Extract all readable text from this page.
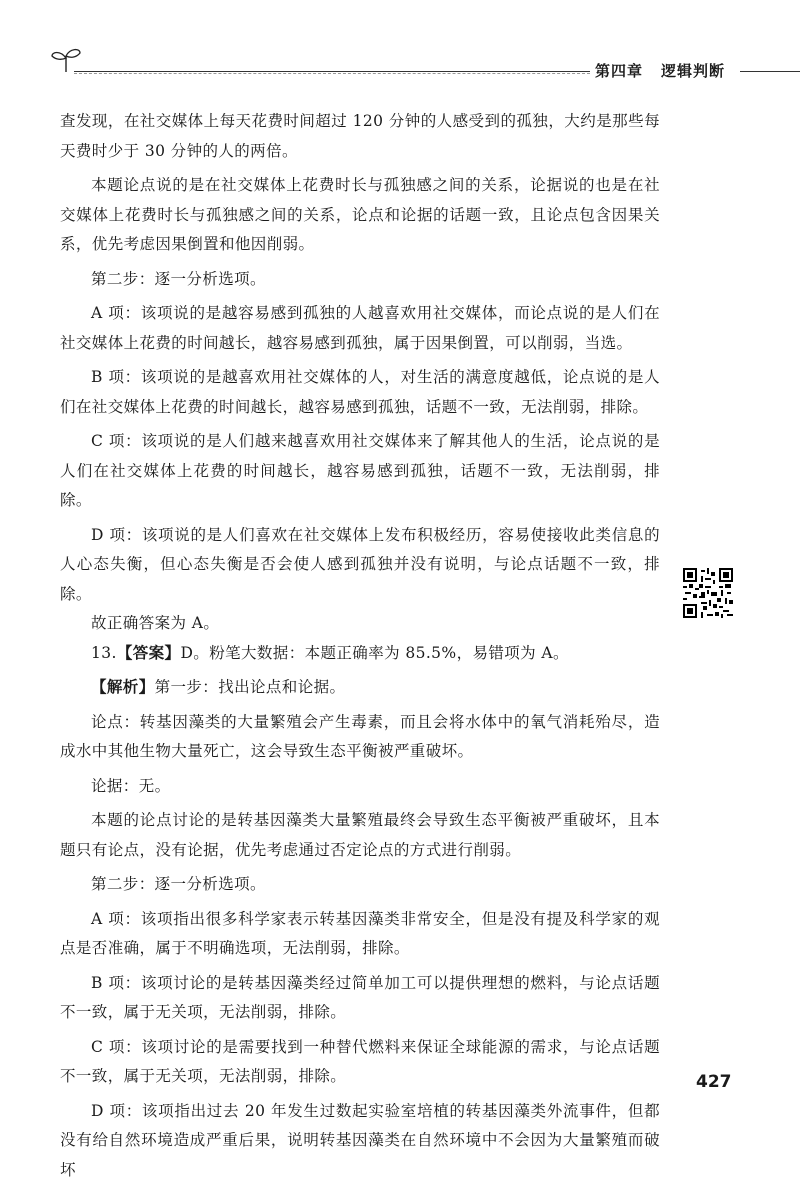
第四章 逻辑判断

查发现，在社交媒体上每天花费时间超过 120 分钟的人感受到的孤独，大约是那些每天费时少于 30 分钟的人的两倍。

本题论点说的是在社交媒体上花费时长与孤独感之间的关系，论据说的也是在社交媒体上花费时长与孤独感之间的关系，论点和论据的话题一致，且论点包含因果关系，优先考虑因果倒置和他因削弱。

第二步：逐一分析选项。

A 项：该项说的是越容易感到孤独的人越喜欢用社交媒体，而论点说的是人们在社交媒体上花费的时间越长，越容易感到孤独，属于因果倒置，可以削弱，当选。

B 项：该项说的是越喜欢用社交媒体的人，对生活的满意度越低，论点说的是人们在社交媒体上花费的时间越长，越容易感到孤独，话题不一致，无法削弱，排除。

C 项：该项说的是人们越来越喜欢用社交媒体来了解其他人的生活，论点说的是人们在社交媒体上花费的时间越长，越容易感到孤独，话题不一致，无法削弱，排除。

D 项：该项说的是人们喜欢在社交媒体上发布积极经历，容易使接收此类信息的人心态失衡，但心态失衡是否会使人感到孤独并没有说明，与论点话题不一致，排除。

故正确答案为 A。

13.【答案】D。粉笔大数据：本题正确率为 85.5%，易错项为 A。

【解析】第一步：找出论点和论据。

论点：转基因藻类的大量繁殖会产生毒素，而且会将水体中的氧气消耗殆尽，造成水中其他生物大量死亡，这会导致生态平衡被严重破坏。

论据：无。

本题的论点讨论的是转基因藻类大量繁殖最终会导致生态平衡被严重破坏，且本题只有论点，没有论据，优先考虑通过否定论点的方式进行削弱。

第二步：逐一分析选项。

A 项：该项指出很多科学家表示转基因藻类非常安全，但是没有提及科学家的观点是否准确，属于不明确选项，无法削弱，排除。

B 项：该项讨论的是转基因藻类经过简单加工可以提供理想的燃料，与论点话题不一致，属于无关项，无法削弱，排除。

C 项：该项讨论的是需要找到一种替代燃料来保证全球能源的需求，与论点话题不一致，属于无关项，无法削弱，排除。

D 项：该项指出过去 20 年发生过数起实验室培植的转基因藻类外流事件，但都没有给自然环境造成严重后果，说明转基因藻类在自然环境中不会因为大量繁殖而破坏

427
